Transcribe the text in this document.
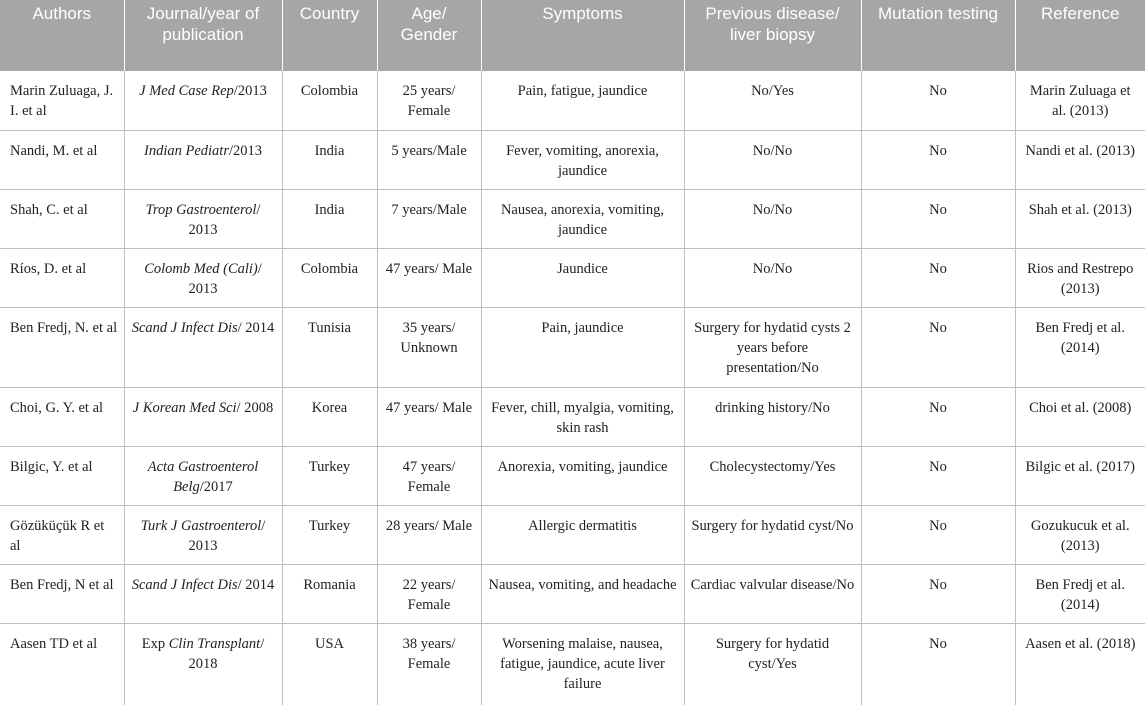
Authors	Journal/year of publication	Country	Age/ Gender	Symptoms	Previous disease/ liver biopsy	Mutation testing	Reference
Marin Zuluaga, J. I. et al	J Med Case Rep/2013	Colombia	25 years/ Female	Pain, fatigue, jaundice	No/Yes	No	Marin Zuluaga et al. (2013)
Nandi, M. et al	Indian Pediatr/2013	India	5 years/Male	Fever, vomiting, anorexia, jaundice	No/No	No	Nandi et al. (2013)
Shah, C. et al	Trop Gastroenterol/ 2013	India	7 years/Male	Nausea, anorexia, vomiting, jaundice	No/No	No	Shah et al. (2013)
Ríos, D. et al	Colomb Med (Cali)/ 2013	Colombia	47 years/ Male	Jaundice	No/No	No	Rios and Restrepo (2013)
Ben Fredj, N. et al	Scand J Infect Dis/ 2014	Tunisia	35 years/ Unknown	Pain, jaundice	Surgery for hydatid cysts 2 years before presentation/No	No	Ben Fredj et al. (2014)
Choi, G. Y. et al	J Korean Med Sci/ 2008	Korea	47 years/ Male	Fever, chill, myalgia, vomiting, skin rash	drinking history/No	No	Choi et al. (2008)
Bilgic, Y. et al	Acta Gastroenterol Belg/2017	Turkey	47 years/ Female	Anorexia, vomiting, jaundice	Cholecystectomy/Yes	No	Bilgic et al. (2017)
Gözüküçük R et al	Turk J Gastroenterol/ 2013	Turkey	28 years/ Male	Allergic dermatitis	Surgery for hydatid cyst/No	No	Gozukucuk et al. (2013)
Ben Fredj, N et al	Scand J Infect Dis/ 2014	Romania	22 years/ Female	Nausea, vomiting, and headache	Cardiac valvular disease/No	No	Ben Fredj et al. (2014)
Aasen TD et al	Exp Clin Transplant/ 2018	USA	38 years/ Female	Worsening malaise, nausea, fatigue, jaundice, acute liver failure	Surgery for hydatid cyst/Yes	No	Aasen et al. (2018)
